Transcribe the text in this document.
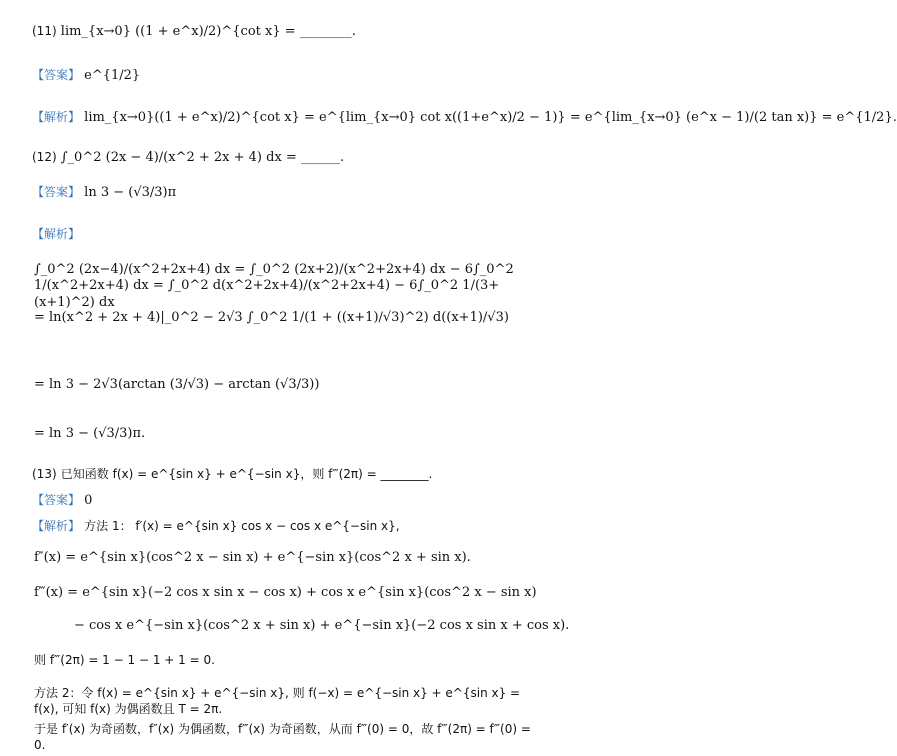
(11) lim_{x→0} ((1 + e^x)/2)^{cot x} = ________.
【答案】 e^{1/2}
【解析】 lim_{x→0}((1 + e^x)/2)^{cot x} = e^{lim_{x→0} cot x((1+e^x)/2 − 1)} = e^{lim_{x→0} (e^x − 1)/(2 tan x)} = e^{1/2}.
(12) ∫_0^2 (2x − 4)/(x^2 + 2x + 4) dx = ______.
【答案】 ln 3 − (√3/3)π
【解析】
∫_0^2 (2x−4)/(x^2+2x+4) dx = ∫_0^2 (2x+2)/(x^2+2x+4) dx − 6∫_0^2 1/(x^2+2x+4) dx = ∫_0^2 d(x^2+2x+4)/(x^2+2x+4) − 6∫_0^2 1/(3+(x+1)^2) dx
= ln(x^2 + 2x + 4)|_0^2 − 2√3 ∫_0^2 1/(1 + ((x+1)/√3)^2) d((x+1)/√3)
= ln 3 − 2√3(arctan (3/√3) − arctan (√3/3))
= ln 3 − (√3/3)π.
(13) 已知函数 f(x) = e^{sin x} + e^{−sin x}，则 f‴(2π) = ________.
【答案】 0
【解析】 方法 1： f′(x) = e^{sin x} cos x − cos x e^{−sin x},
f″(x) = e^{sin x}(cos^2 x − sin x) + e^{−sin x}(cos^2 x + sin x).
f‴(x) = e^{sin x}(−2 cos x sin x − cos x) + cos x e^{sin x}(cos^2 x − sin x)
− cos x e^{−sin x}(cos^2 x + sin x) + e^{−sin x}(−2 cos x sin x + cos x).
则 f‴(2π) = 1 − 1 − 1 + 1 = 0.
方法 2：令 f(x) = e^{sin x} + e^{−sin x}, 则 f(−x) = e^{−sin x} + e^{sin x} = f(x), 可知 f(x) 为偶函数且 T = 2π.
于是 f′(x) 为奇函数，f″(x) 为偶函数，f‴(x) 为奇函数，从而 f‴(0) = 0，故 f‴(2π) = f‴(0) = 0.
